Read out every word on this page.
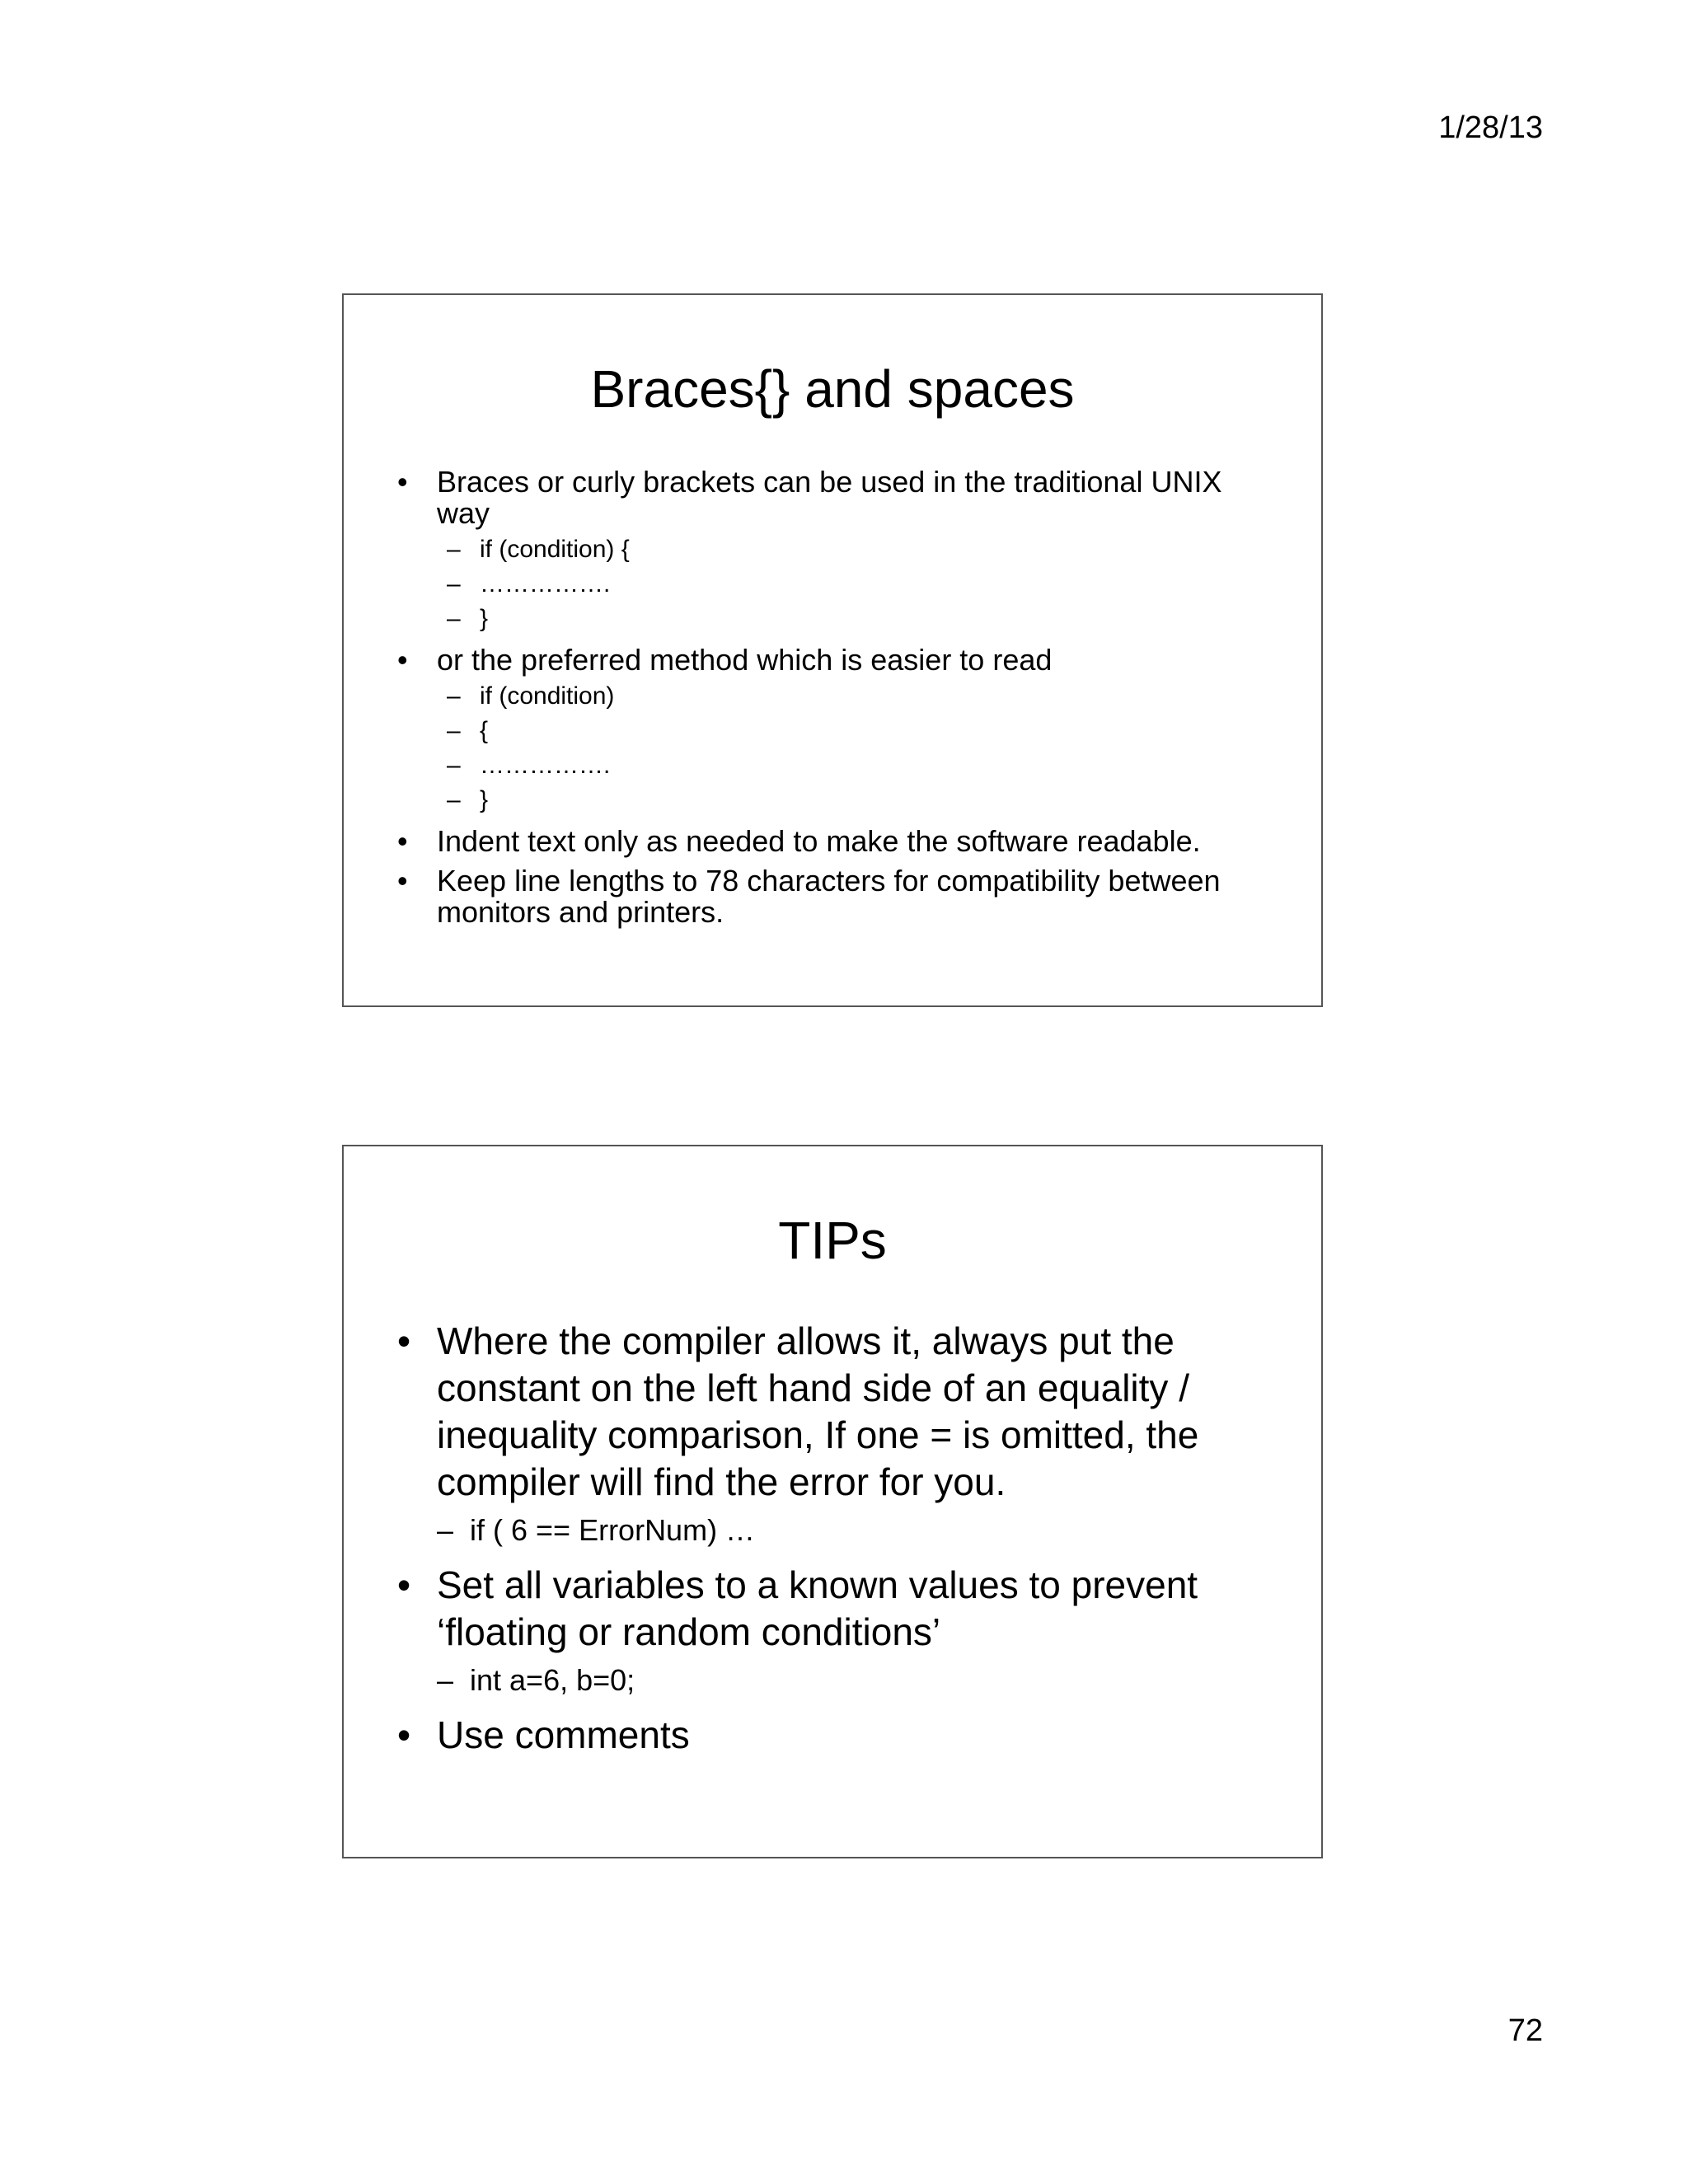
1/28/13
Braces{} and spaces
• Braces or curly brackets can be used in the traditional UNIX way
– if (condition) {
– …………….
– }
• or the preferred method which is easier to read
– if (condition)
– {
– …………….
– }
• Indent text only as needed to make the software readable.
• Keep line lengths to 78 characters for compatibility between monitors and printers.
TIPs
• Where the compiler allows it, always put the constant on the left hand side of an equality / inequality comparison, If one = is omitted, the compiler will find the error for you.
– if ( 6 == ErrorNum) …
• Set all variables to a known values to prevent ‘floating or random conditions’
– int a=6, b=0;
• Use comments
72
